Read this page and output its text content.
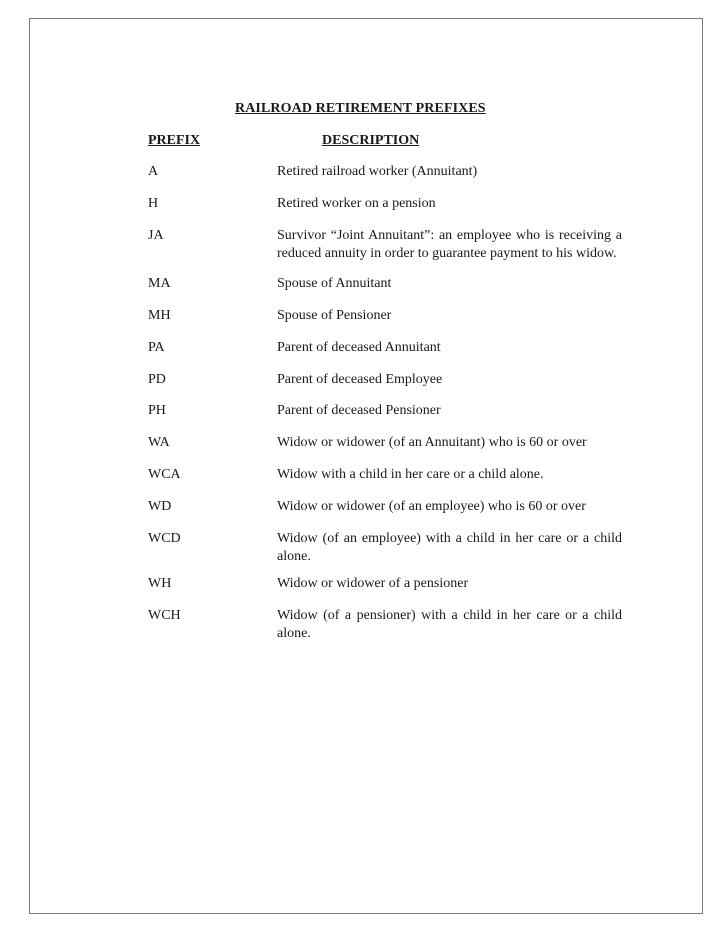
RAILROAD RETIREMENT PREFIXES
PREFIX	DESCRIPTION
A	Retired railroad worker (Annuitant)
H	Retired worker on a pension
JA	Survivor “Joint Annuitant”: an employee who is receiving a reduced annuity in order to guarantee payment to his widow.
MA	Spouse of Annuitant
MH	Spouse of Pensioner
PA	Parent of deceased Annuitant
PD	Parent of deceased Employee
PH	Parent of deceased Pensioner
WA	Widow or widower (of an Annuitant) who is 60 or over
WCA	Widow with a child in her care or a child alone.
WD	Widow or widower (of an employee) who is 60 or over
WCD	Widow (of an employee) with a child in her care or a child alone.
WH	Widow or widower of a pensioner
WCH	Widow (of a pensioner) with a child in her care or a child alone.
